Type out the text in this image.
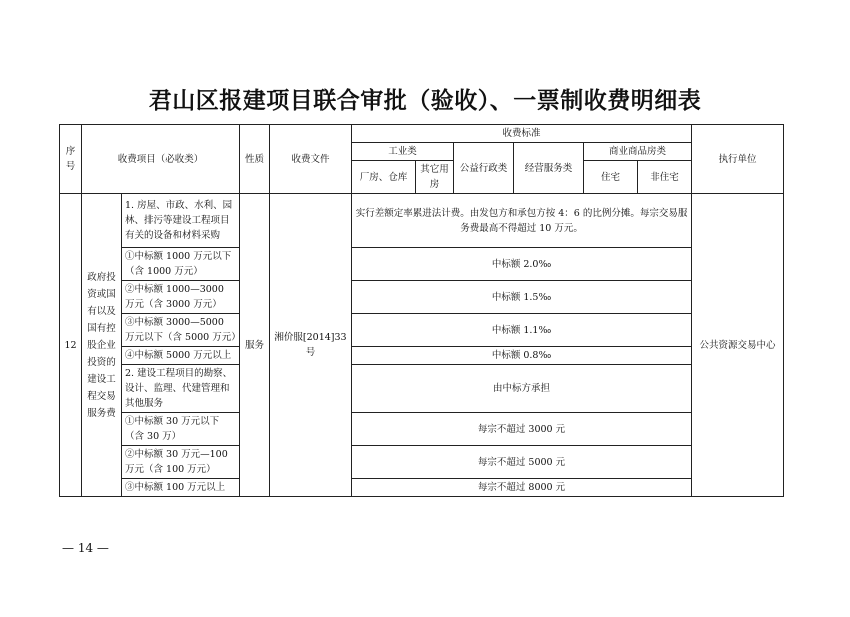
君山区报建项目联合审批（验收）、一票制收费明细表
序号	收费项目（必收类）		性质	收费文件	收费标准						执行单位
					工业类		公益行政类	经营服务类	商业商品房类		
					厂房、仓库	其它用房			住宅	非住宅	
12	政府投资或国有以及国有控股企业投资的建设工程交易服务费	1. 房屋、市政、水利、园林、排污等建设工程项目有关的设备和材料采购	服务	湘价服[2014]33号	实行差额定率累进法计费。由发包方和承包方按 4：6 的比例分摊。每宗交易服务费最高不得超过 10 万元。						公共资源交易中心
		①中标额 1000 万元以下（含 1000 万元）			中标额 2.0‰						
		②中标额 1000—3000 万元（含 3000 万元）			中标额 1.5‰						
		③中标额 3000—5000 万元以下（含 5000 万元）			中标额 1.1‰						
		④中标额 5000 万元以上			中标额 0.8‰						
		2. 建设工程项目的勘察、设计、监理、代建管理和其他服务			由中标方承担						
		①中标额 30 万元以下（含 30 万）			每宗不超过 3000 元						
		②中标额 30 万元—100 万元（含 100 万元）			每宗不超过 5000 元						
		③中标额 100 万元以上			每宗不超过 8000 元						
— 14 —
